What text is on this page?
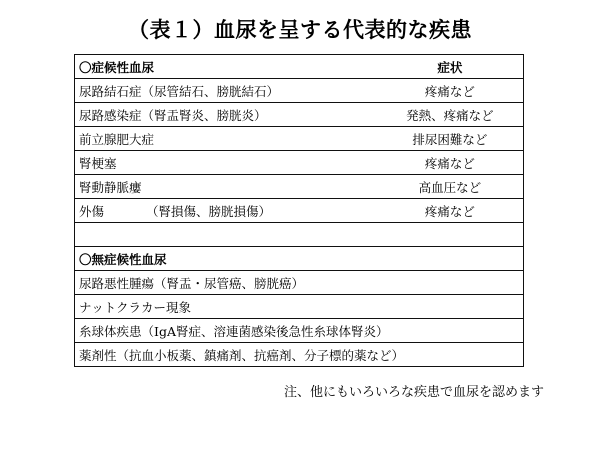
（表１）血尿を呈する代表的な疾患
〇症候性血尿	症状
尿路結石症（尿管結石、膀胱結石）	疼痛など
尿路感染症（腎盂腎炎、膀胱炎）	発熱、疼痛など
前立腺肥大症	排尿困難など
腎梗塞	疼痛など
腎動静脈瘻	高血圧など
外傷 （腎損傷、膀胱損傷）	疼痛など

〇無症候性血尿	
尿路悪性腫瘍（腎盂・尿管癌、膀胱癌）	
ナットクラカー現象	
糸球体疾患（IgA腎症、溶連菌感染後急性糸球体腎炎）	
薬剤性（抗血小板薬、鎮痛剤、抗癌剤、分子標的薬など）	
注、他にもいろいろな疾患で血尿を認めます
